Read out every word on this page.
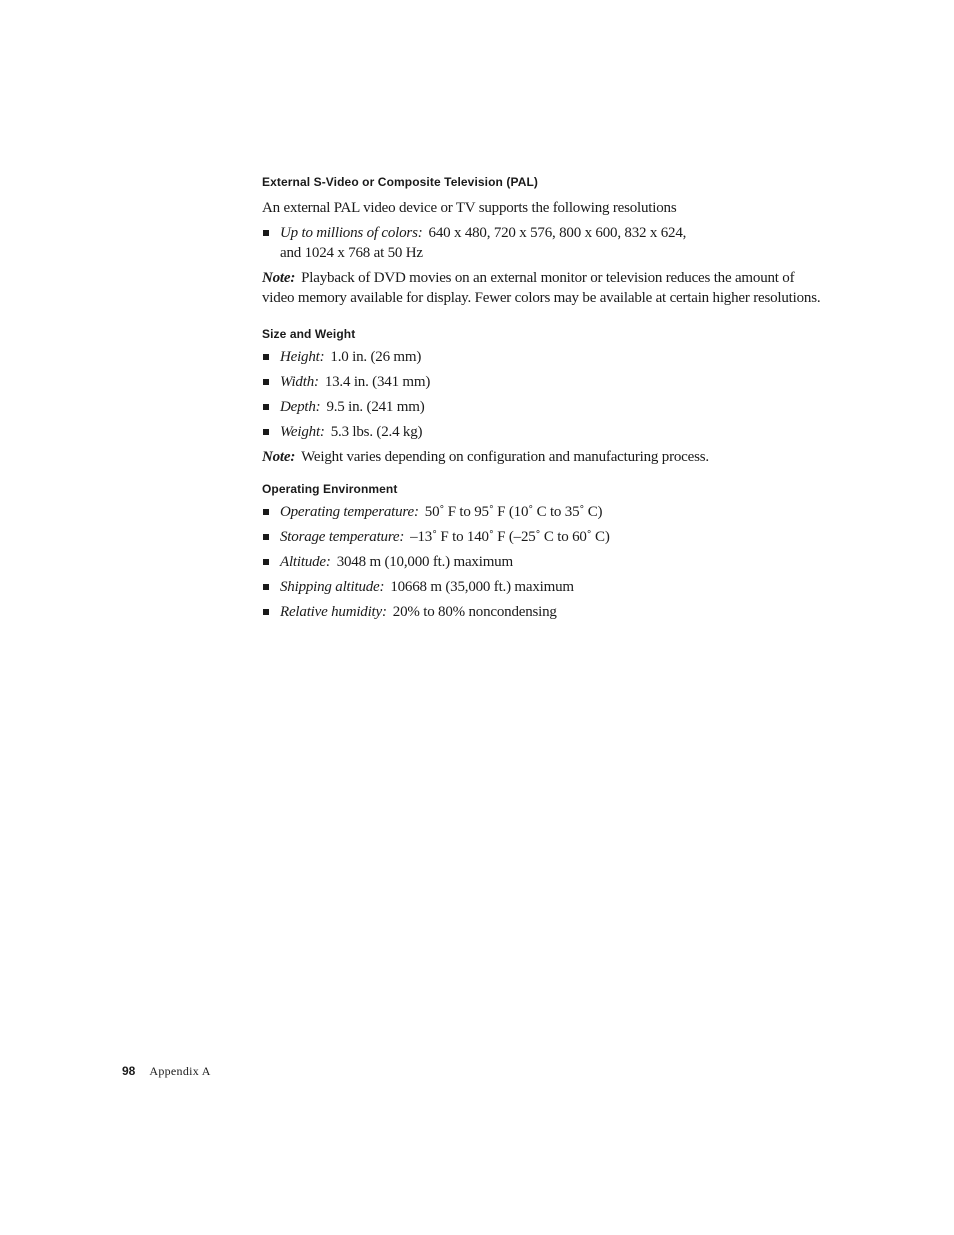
External S-Video or Composite Television (PAL)

An external PAL video device or TV supports the following resolutions

Up to millions of colors: 640 x 480, 720 x 576, 800 x 600, 832 x 624,
and 1024 x 768 at 50 Hz

Note: Playback of DVD movies on an external monitor or television reduces the amount of video memory available for display. Fewer colors may be available at certain higher resolutions.

Size and Weight
Height: 1.0 in. (26 mm)
Width: 13.4 in. (341 mm)
Depth: 9.5 in. (241 mm)
Weight: 5.3 lbs. (2.4 kg)

Note: Weight varies depending on configuration and manufacturing process.

Operating Environment
Operating temperature: 50˚ F to 95˚ F (10˚ C to 35˚ C)
Storage temperature: –13˚ F to 140˚ F (–25˚ C to 60˚ C)
Altitude: 3048 m (10,000 ft.) maximum
Shipping altitude: 10668 m (35,000 ft.) maximum
Relative humidity: 20% to 80% noncondensing
98 Appendix A
